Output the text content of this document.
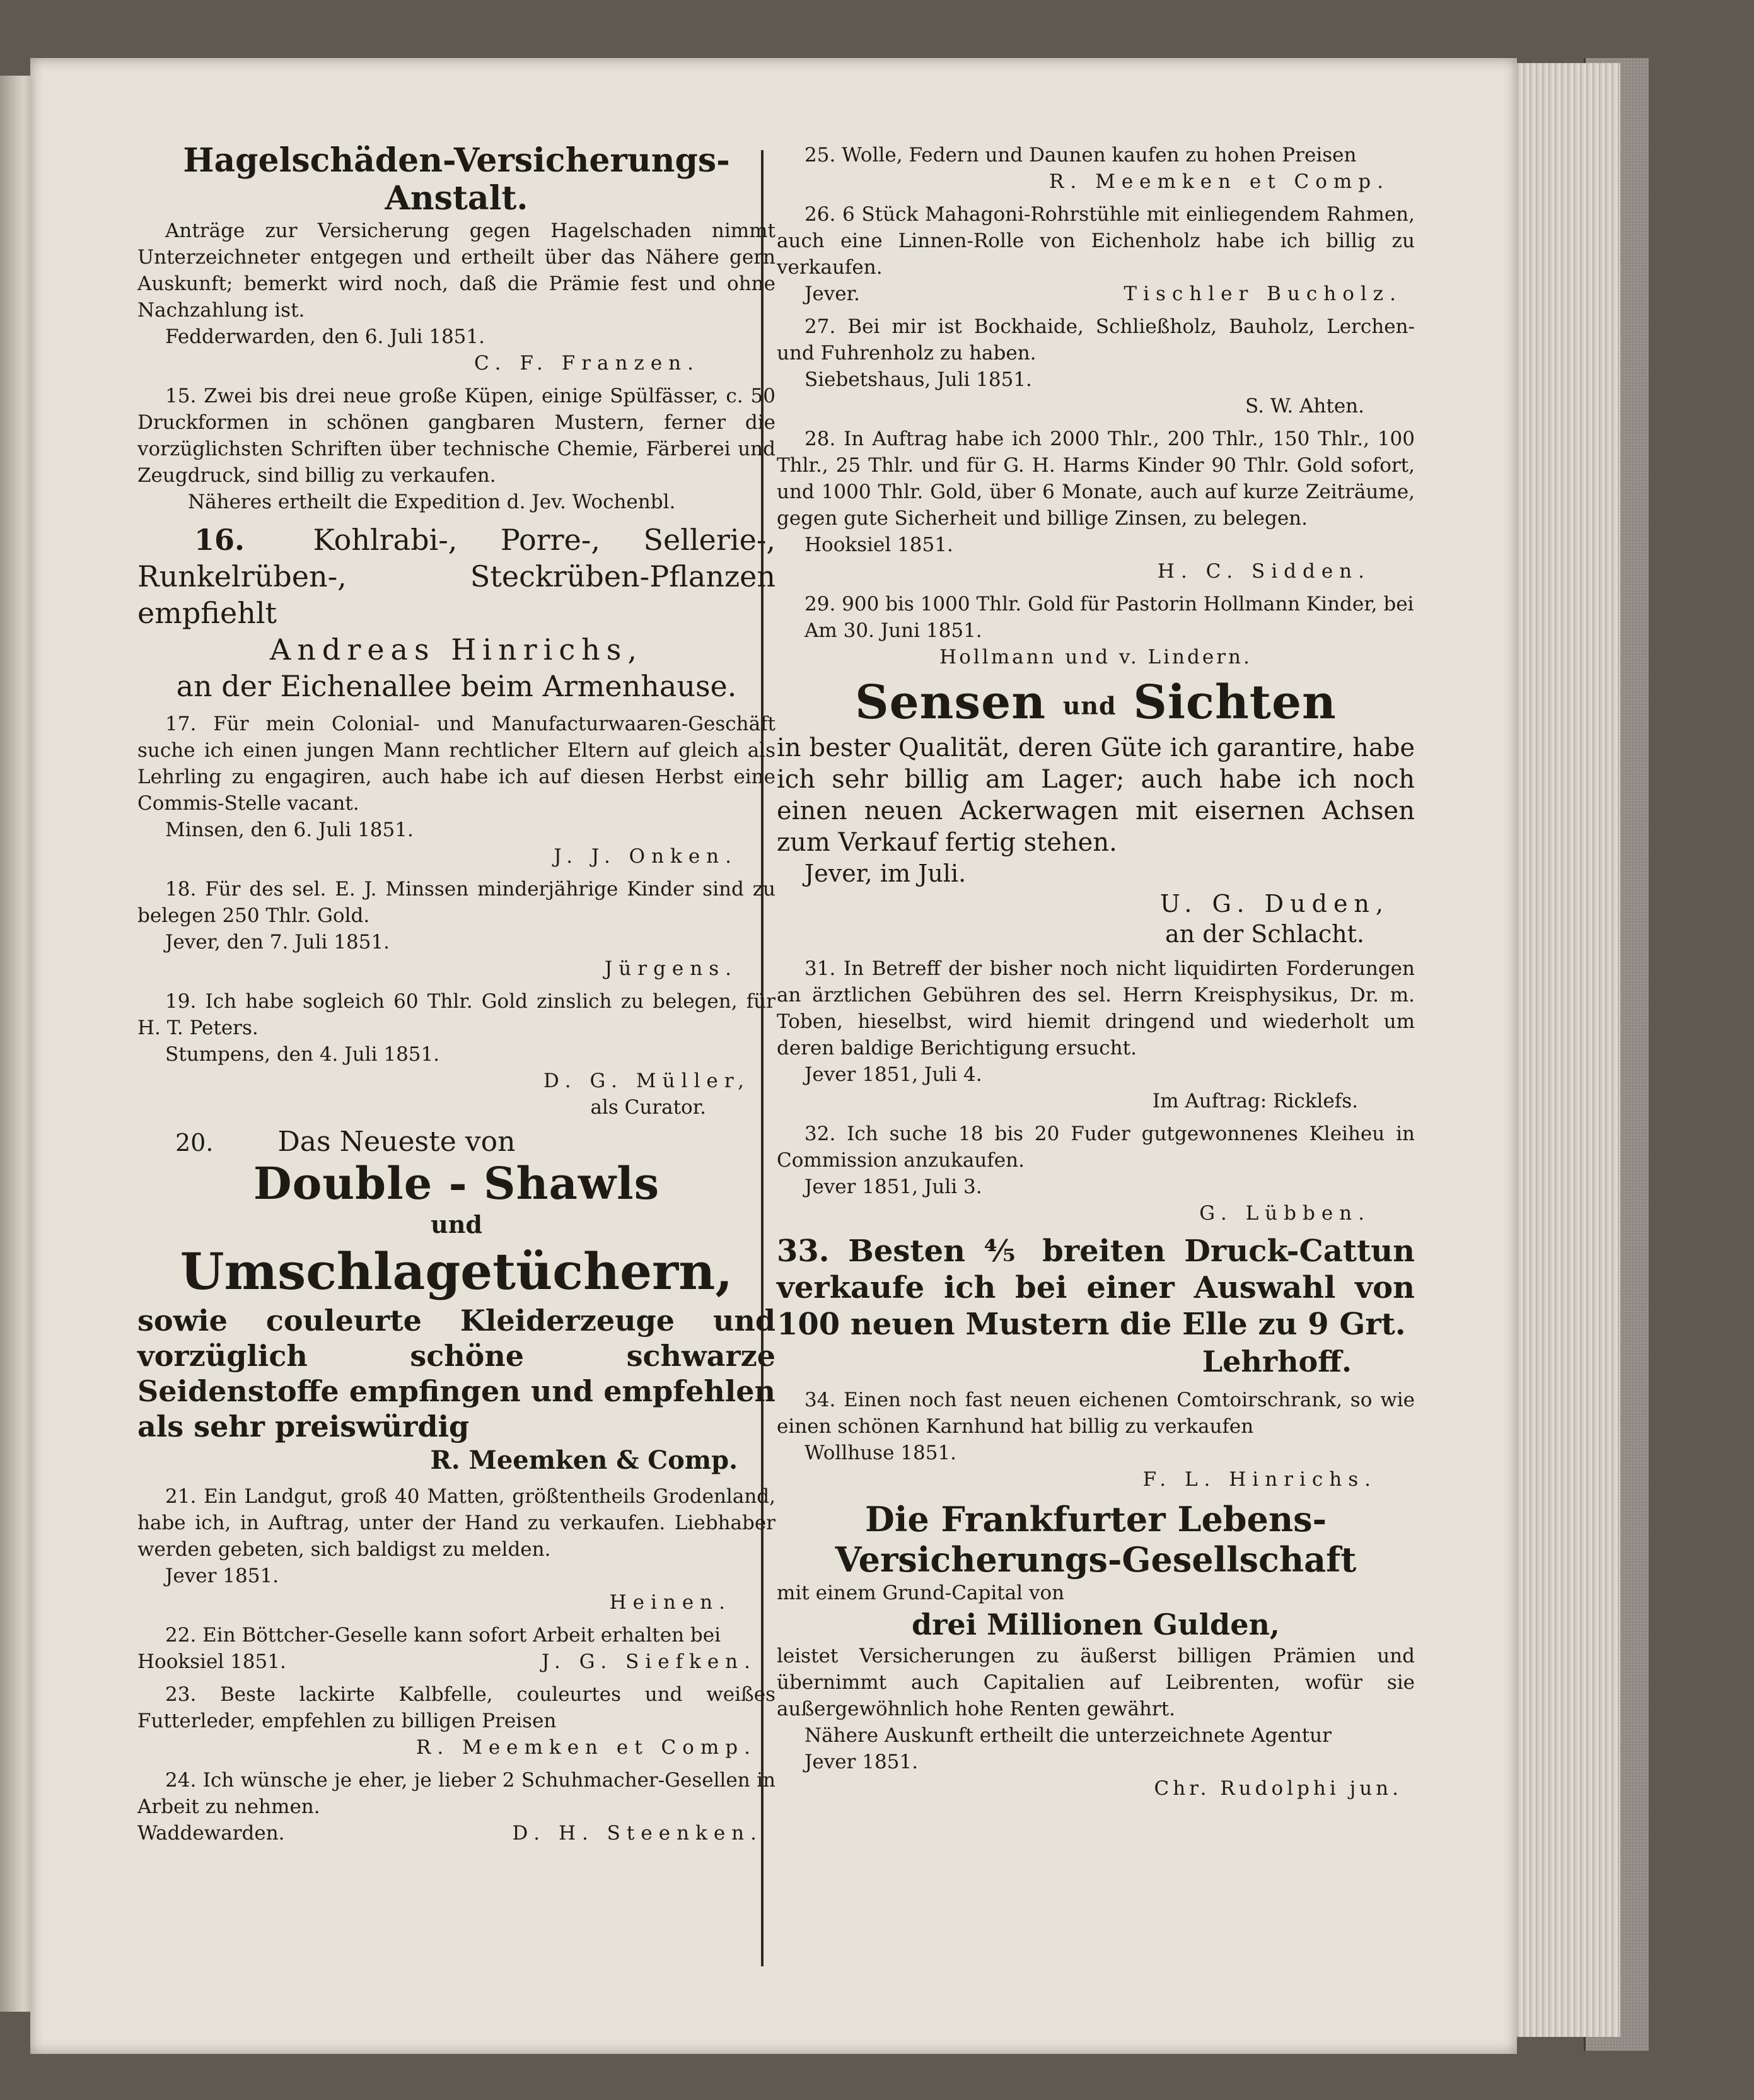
Hagelschäden-Versicherungs-Anstalt.

Anträge zur Versicherung gegen Hagelschaden nimmt Unterzeichneter entgegen und ertheilt über das Nähere gern Auskunft; bemerkt wird noch, daß die Prämie fest und ohne Nachzahlung ist.

Fedderwarden, den 6. Juli 1851.

C. F. Franzen.

15. Zwei bis drei neue große Küpen, einige Spülfässer, c. 50 Druckformen in schönen gangbaren Mustern, ferner die vorzüglichsten Schriften über technische Chemie, Färberei und Zeugdruck, sind billig zu verkaufen.

Näheres ertheilt die Expedition d. Jev. Wochenbl.

16. Kohlrabi-, Porre-, Sellerie-,

Runkelrüben-, Steckrüben-Pflanzen empfiehlt

Andreas Hinrichs,

an der Eichenallee beim Armenhause.

17. Für mein Colonial- und Manufacturwaaren-Geschäft suche ich einen jungen Mann rechtlicher Eltern auf gleich als Lehrling zu engagiren, auch habe ich auf diesen Herbst eine Commis-Stelle vacant.

Minsen, den 6. Juli 1851.

J. J. Onken.

18. Für des sel. E. J. Minssen minderjährige Kinder sind zu belegen 250 Thlr. Gold.

Jever, den 7. Juli 1851.

Jürgens.

19. Ich habe sogleich 60 Thlr. Gold zinslich zu belegen, für H. T. Peters.

Stumpens, den 4. Juli 1851.

D. G. Müller,

als Curator.

20. Das Neueste von

Double - Shawls

und

Umschlagetüchern,

sowie couleurte Kleiderzeuge und vorzüglich schöne schwarze Seidenstoffe empfingen und empfehlen als sehr preiswürdig

R. Meemken & Comp.

21. Ein Landgut, groß 40 Matten, größtentheils Grodenland, habe ich, in Auftrag, unter der Hand zu verkaufen. Liebhaber werden gebeten, sich baldigst zu melden.

Jever 1851.

Heinen.

22. Ein Böttcher-Geselle kann sofort Arbeit erhalten bei

Hooksiel 1851.	J. G. Siefken.

23. Beste lackirte Kalbfelle, couleurtes und weißes Futterleder, empfehlen zu billigen Preisen

R. Meemken et Comp.

24. Ich wünsche je eher, je lieber 2 Schuhmacher-Gesellen in Arbeit zu nehmen.

Waddewarden.	D. H. Steenken.

25. Wolle, Federn und Daunen kaufen zu hohen Preisen

R. Meemken et Comp.

26. 6 Stück Mahagoni-Rohrstühle mit einliegendem Rahmen, auch eine Linnen-Rolle von Eichenholz habe ich billig zu verkaufen.

Jever.	Tischler Bucholz.

27. Bei mir ist Bockhaide, Schließholz, Bauholz, Lerchen- und Fuhrenholz zu haben.

Siebetshaus, Juli 1851.

S. W. Ahten.

28. In Auftrag habe ich 2000 Thlr., 200 Thlr., 150 Thlr., 100 Thlr., 25 Thlr. und für G. H. Harms Kinder 90 Thlr. Gold sofort, und 1000 Thlr. Gold, über 6 Monate, auch auf kurze Zeiträume, gegen gute Sicherheit und billige Zinsen, zu belegen.

Hooksiel 1851.

H. C. Sidden.

29. 900 bis 1000 Thlr. Gold für Pastorin Hollmann Kinder, bei

Am 30. Juni 1851.

Hollmann und v. Lindern.

Sensen und Sichten

in bester Qualität, deren Güte ich garantire, habe ich sehr billig am Lager; auch habe ich noch einen neuen Ackerwagen mit eisernen Achsen zum Verkauf fertig stehen.

Jever, im Juli.

U. G. Duden,

an der Schlacht.

31. In Betreff der bisher noch nicht liquidirten Forderungen an ärztlichen Gebühren des sel. Herrn Kreisphysikus, Dr. m. Toben, hieselbst, wird hiemit dringend und wiederholt um deren baldige Berichtigung ersucht.

Jever 1851, Juli 4.

Im Auftrag: Ricklefs.

32. Ich suche 18 bis 20 Fuder gutgewonnenes Kleiheu in Commission anzukaufen.

Jever 1851, Juli 3.

G. Lübben.

33. Besten ⅘ breiten Druck-Cattun verkaufe ich bei einer Auswahl von 100 neuen Mustern die Elle zu 9 Grt.

Lehrhoff.

34. Einen noch fast neuen eichenen Comtoirschrank, so wie einen schönen Karnhund hat billig zu verkaufen

Wollhuse 1851.

F. L. Hinrichs.

Die Frankfurter Lebens-

Versicherungs-Gesellschaft

mit einem Grund-Capital von

drei Millionen Gulden,

leistet Versicherungen zu äußerst billigen Prämien und übernimmt auch Capitalien auf Leibrenten, wofür sie außergewöhnlich hohe Renten gewährt.

Nähere Auskunft ertheilt die unterzeichnete Agentur

Jever 1851.

Chr. Rudolphi jun.
